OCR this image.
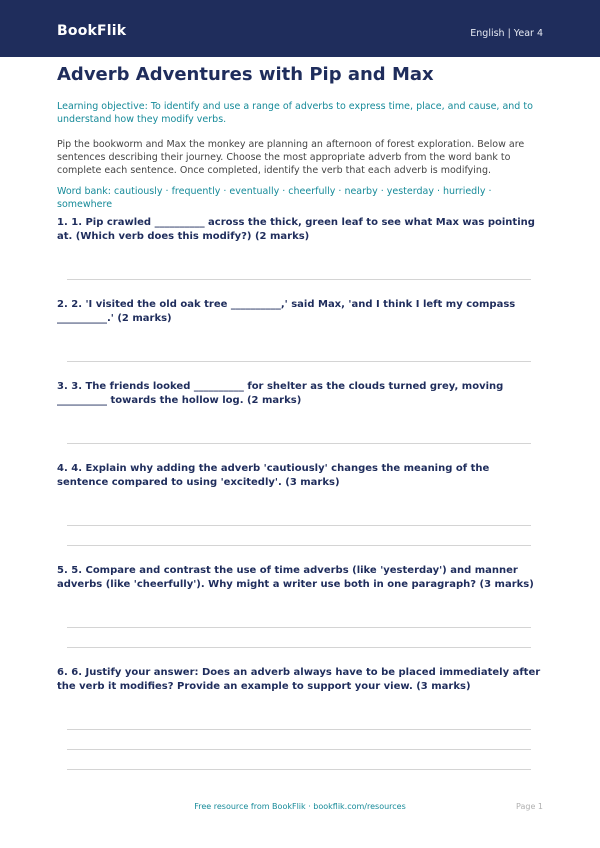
BookFlik	English | Year 4
Adverb Adventures with Pip and Max
Learning objective: To identify and use a range of adverbs to express time, place, and cause, and to understand how they modify verbs.
Pip the bookworm and Max the monkey are planning an afternoon of forest exploration. Below are sentences describing their journey. Choose the most appropriate adverb from the word bank to complete each sentence. Once completed, identify the verb that each adverb is modifying.
Word bank: cautiously · frequently · eventually · cheerfully · nearby · yesterday · hurriedly · somewhere
1. 1. Pip crawled __________ across the thick, green leaf to see what Max was pointing at. (Which verb does this modify?) (2 marks)
2. 2. 'I visited the old oak tree __________,' said Max, 'and I think I left my compass __________.' (2 marks)
3. 3. The friends looked __________ for shelter as the clouds turned grey, moving __________ towards the hollow log. (2 marks)
4. 4. Explain why adding the adverb 'cautiously' changes the meaning of the sentence compared to using 'excitedly'. (3 marks)
5. 5. Compare and contrast the use of time adverbs (like 'yesterday') and manner adverbs (like 'cheerfully'). Why might a writer use both in one paragraph? (3 marks)
6. 6. Justify your answer: Does an adverb always have to be placed immediately after the verb it modifies? Provide an example to support your view. (3 marks)
Free resource from BookFlik · bookflik.com/resources	Page 1
